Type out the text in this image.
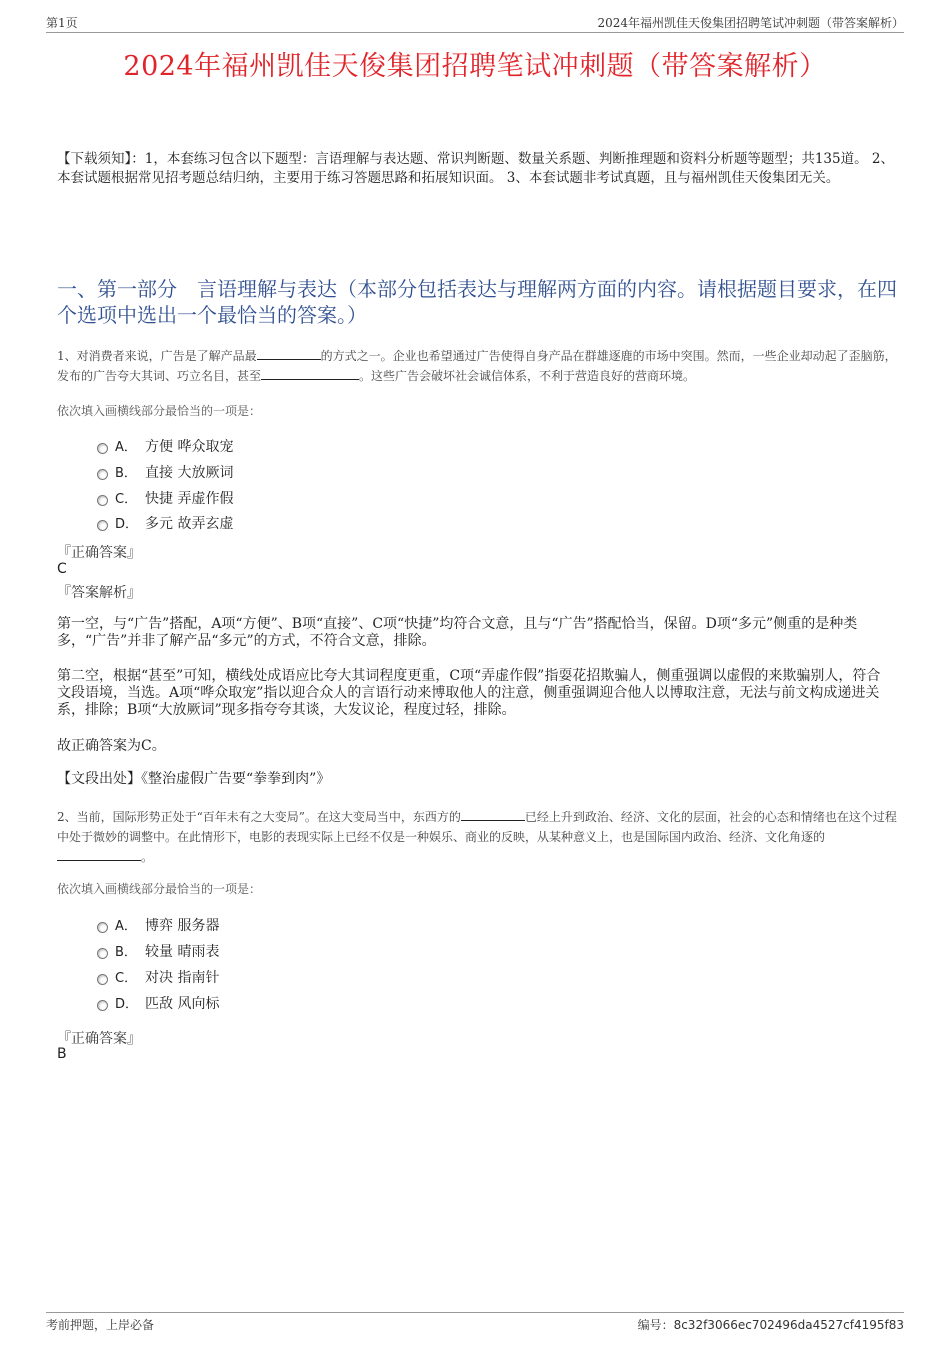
第1页	2024年福州凯佳天俊集团招聘笔试冲刺题（带答案解析）
2024年福州凯佳天俊集团招聘笔试冲刺题（带答案解析）
【下载须知】：1，本套练习包含以下题型：言语理解与表达题、常识判断题、数量关系题、判断推理题和资料分析题等题型；共135道。 2、本套试题根据常见招考题总结归纳，主要用于练习答题思路和拓展知识面。 3、本套试题非考试真题，且与福州凯佳天俊集团无关。
一、第一部分　言语理解与表达（本部分包括表达与理解两方面的内容。请根据题目要求，在四个选项中选出一个最恰当的答案。）
1、对消费者来说，广告是了解产品最	的方式之一。企业也希望通过广告使得自身产品在群雄逐鹿的市场中突围。然而，一些企业却动起了歪脑筋，发布的广告夸大其词、巧立名目，甚至	。这些广告会破坏社会诚信体系，不利于营造良好的营商环境。
依次填入画横线部分最恰当的一项是：
A． 方便 哗众取宠
B． 直接 大放厥词
C． 快捷 弄虚作假
D． 多元 故弄玄虚
『正确答案』
C
『答案解析』
第一空，与“广告”搭配，A项“方便”、B项“直接”、C项“快捷”均符合文意，且与“广告”搭配恰当，保留。D项“多元”侧重的是种类多，“广告”并非了解产品“多元”的方式，不符合文意，排除。
第二空，根据“甚至”可知，横线处成语应比夸大其词程度更重，C项“弄虚作假”指耍花招欺骗人，侧重强调以虚假的来欺骗别人，符合文段语境，当选。A项“哗众取宠”指以迎合众人的言语行动来博取他人的注意，侧重强调迎合他人以博取注意，无法与前文构成递进关系，排除；B项“大放厥词”现多指夸夸其谈，大发议论，程度过轻，排除。
故正确答案为C。
【文段出处】《整治虚假广告要“拳拳到肉”》
2、当前，国际形势正处于“百年未有之大变局”。在这大变局当中，东西方的	已经上升到政治、经济、文化的层面，社会的心态和情绪也在这个过程中处于微妙的调整中。在此情形下，电影的表现实际上已经不仅是一种娱乐、商业的反映，从某种意义上，也是国际国内政治、经济、文化角逐的。
依次填入画横线部分最恰当的一项是：
A． 博弈 服务器
B． 较量 晴雨表
C． 对决 指南针
D． 匹敌 风向标
『正确答案』
B
考前押题，上岸必备	编号：8c32f3066ec702496da4527cf4195f83
